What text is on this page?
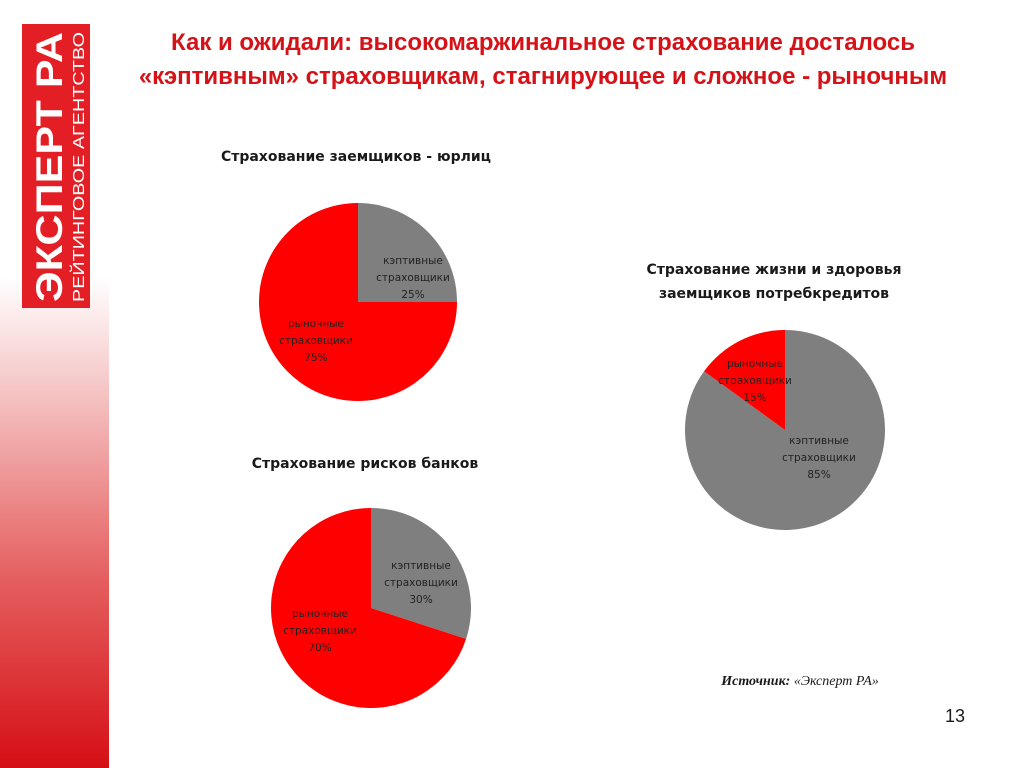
ЭКСПЕРТ РА РЕЙТИНГОВОЕ АГЕНТСТВО
Как и ожидали: высокомаржинальное страхование досталось «кэптивным» страховщикам, стагнирующее и сложное - рыночным
Страхование заемщиков - юрлиц
кэптивные страховщики 25%
рыночные страховщики 75%
Страхование рисков банков
кэптивные страховщики 30%
рыночные страховщики 70%
Страхование жизни и здоровья
заемщиков потребкредитов
кэптивные страховщики 85%
рыночные страховщики 15%
Источник: «Эксперт РА»
13
